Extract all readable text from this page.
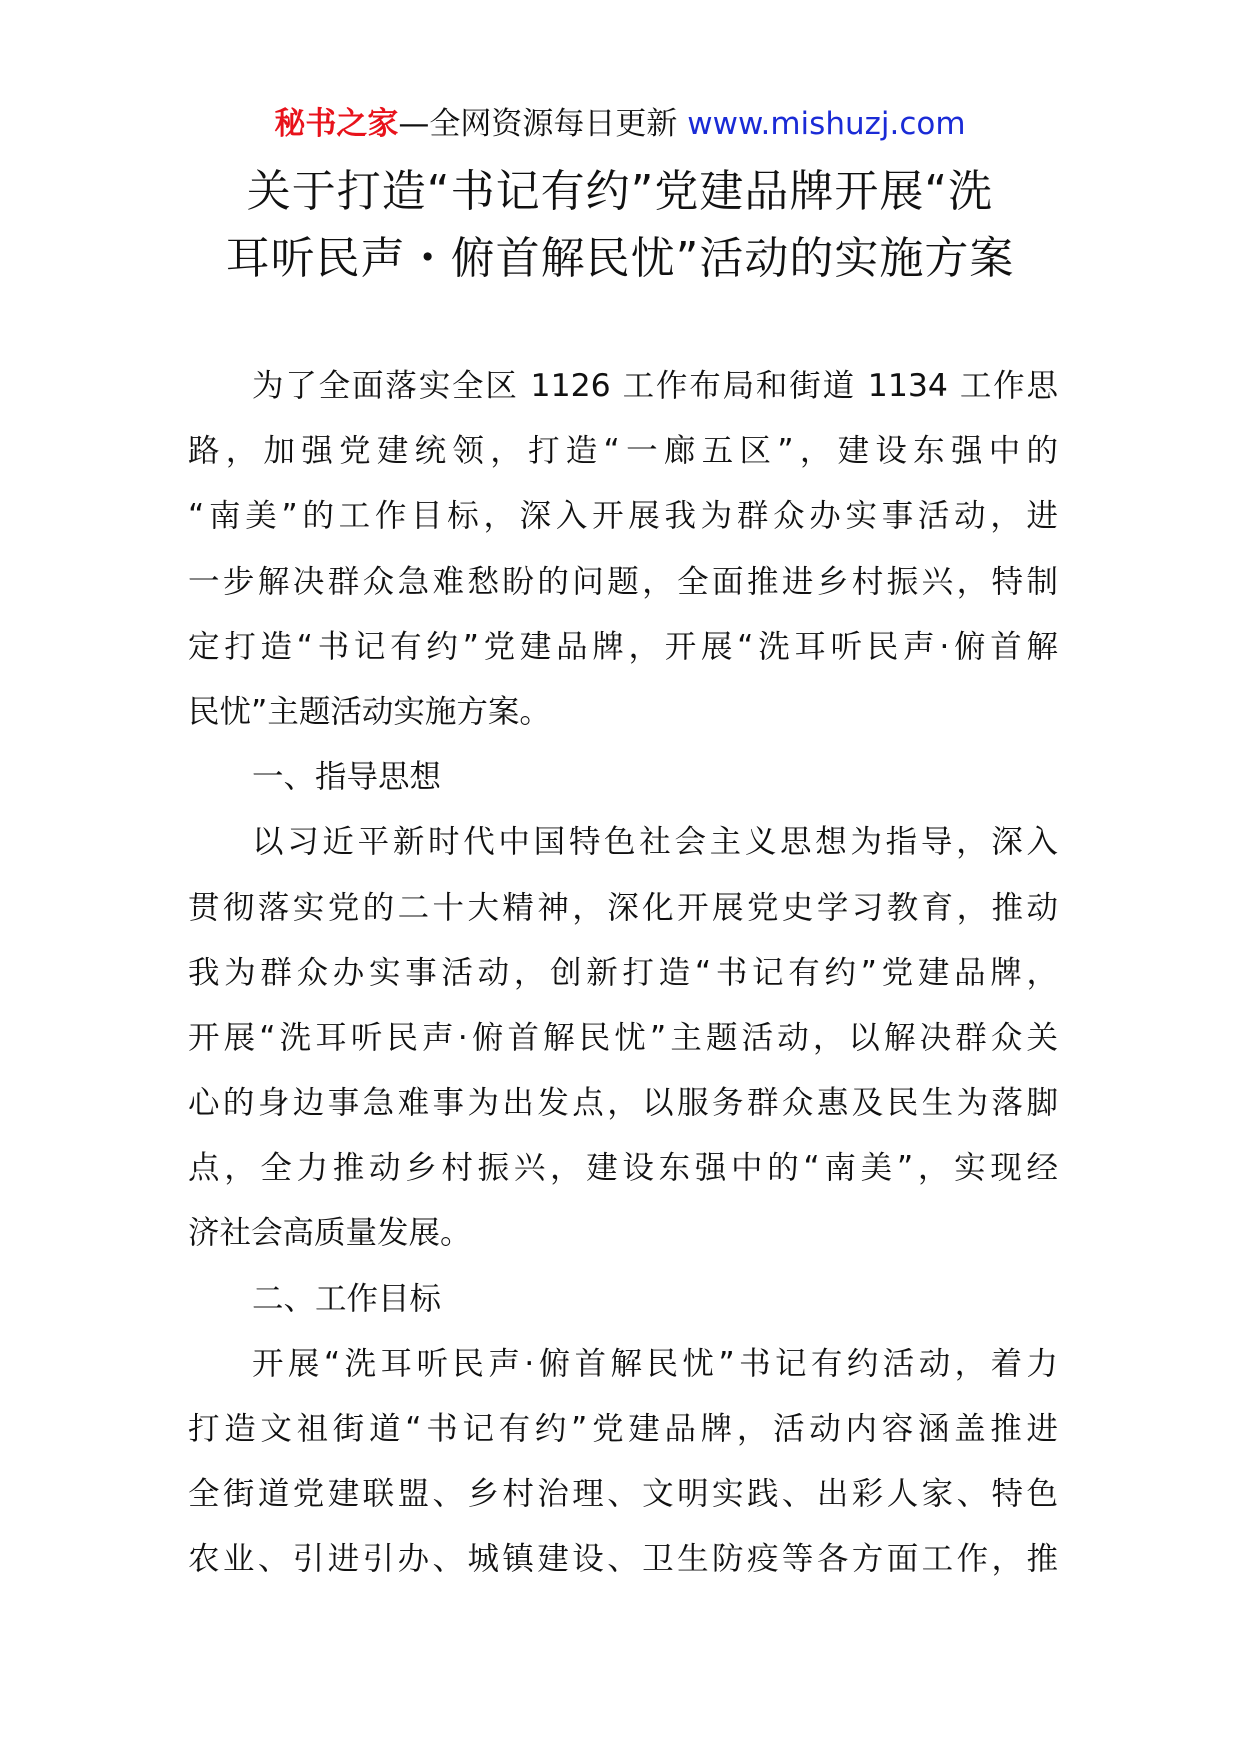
秘书之家—全网资源每日更新 www.mishuzj.com
关于打造“书记有约”党建品牌开展“洗
耳听民声・俯首解民忧”活动的实施方案
为了全面落实全区 1126 工作布局和街道 1134 工作思
路，加强党建统领，打造“一廊五区”，建设东强中的
“南美”的工作目标，深入开展我为群众办实事活动，进
一步解决群众急难愁盼的问题，全面推进乡村振兴，特制
定打造“书记有约”党建品牌，开展“洗耳听民声·俯首解
民忧”主题活动实施方案。
一、指导思想
以习近平新时代中国特色社会主义思想为指导，深入
贯彻落实党的二十大精神，深化开展党史学习教育，推动
我为群众办实事活动，创新打造“书记有约”党建品牌，
开展“洗耳听民声·俯首解民忧”主题活动，以解决群众关
心的身边事急难事为出发点，以服务群众惠及民生为落脚
点，全力推动乡村振兴，建设东强中的“南美”，实现经
济社会高质量发展。
二、工作目标
开展“洗耳听民声·俯首解民忧”书记有约活动，着力
打造文祖街道“书记有约”党建品牌，活动内容涵盖推进
全街道党建联盟、乡村治理、文明实践、出彩人家、特色
农业、引进引办、城镇建设、卫生防疫等各方面工作，推
